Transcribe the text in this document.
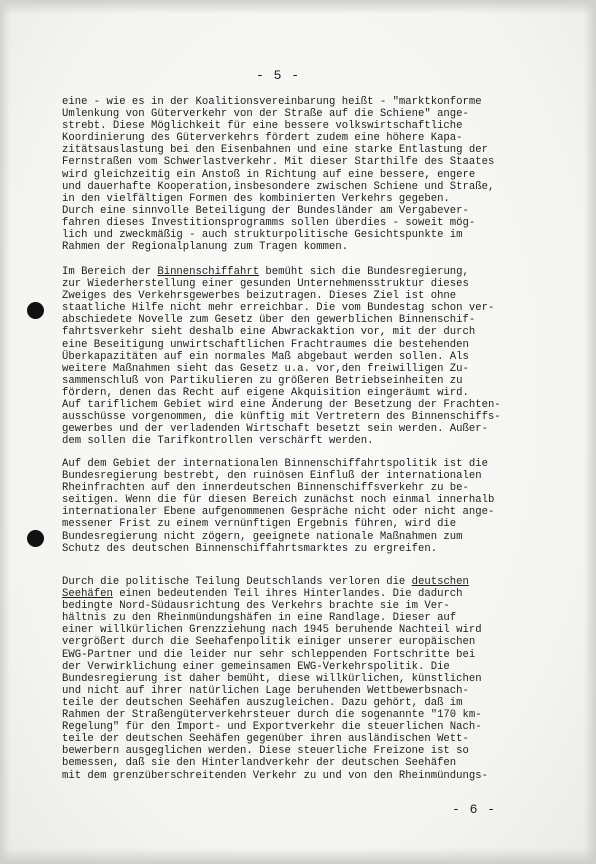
- 5 -
eine - wie es in der Koalitionsvereinbarung heißt - "marktkonforme
Umlenkung von Güterverkehr von der Straße auf die Schiene" ange-
strebt. Diese Möglichkeit für eine bessere volkswirtschaftliche
Koordinierung des Güterverkehrs fördert zudem eine höhere Kapa-
zitätsauslastung bei den Eisenbahnen und eine starke Entlastung der
Fernstraßen vom Schwerlastverkehr. Mit dieser Starthilfe des Staates
wird gleichzeitig ein Anstoß in Richtung auf eine bessere, engere
und dauerhafte Kooperation,insbesondere zwischen Schiene und Straße,
in den vielfältigen Formen des kombinierten Verkehrs gegeben.
Durch eine sinnvolle Beteiligung der Bundesländer am Vergabever-
fahren dieses Investitionsprogramms sollen überdies - soweit mög-
lich und zweckmäßig - auch strukturpolitische Gesichtspunkte im
Rahmen der Regionalplanung zum Tragen kommen.
Im Bereich der Binnenschiffahrt bemüht sich die Bundesregierung,
zur Wiederherstellung einer gesunden Unternehmensstruktur dieses
Zweiges des Verkehrsgewerbes beizutragen. Dieses Ziel ist ohne
staatliche Hilfe nicht mehr erreichbar. Die vom Bundestag schon ver-
abschiedete Novelle zum Gesetz über den gewerblichen Binnenschif-
fahrtsverkehr sieht deshalb eine Abwrackaktion vor, mit der durch
eine Beseitigung unwirtschaftlichen Frachtraumes die bestehenden
Überkapazitäten auf ein normales Maß abgebaut werden sollen. Als
weitere Maßnahmen sieht das Gesetz u.a. vor,den freiwilligen Zu-
sammenschluß von Partikulieren zu größeren Betriebseinheiten zu
fördern, denen das Recht auf eigene Akquisition eingeräumt wird.
Auf tariflichem Gebiet wird eine Änderung der Besetzung der Frachten-
ausschüsse vorgenommen, die künftig mit Vertretern des Binnenschiffs-
gewerbes und der verladenden Wirtschaft besetzt sein werden. Außer-
dem sollen die Tarifkontrollen verschärft werden.
Auf dem Gebiet der internationalen Binnenschiffahrtspolitik ist die
Bundesregierung bestrebt, den ruinösen Einfluß der internationalen
Rheinfrachten auf den innerdeutschen Binnenschiffsverkehr zu be-
seitigen. Wenn die für diesen Bereich zunächst noch einmal innerhalb
internationaler Ebene aufgenommenen Gespräche nicht oder nicht ange-
messener Frist zu einem vernünftigen Ergebnis führen, wird die
Bundesregierung nicht zögern, geeignete nationale Maßnahmen zum
Schutz des deutschen Binnenschiffahrtsmarktes zu ergreifen.
Durch die politische Teilung Deutschlands verloren die deutschen
Seehäfen einen bedeutenden Teil ihres Hinterlandes. Die dadurch
bedingte Nord-Südausrichtung des Verkehrs brachte sie im Ver-
hältnis zu den Rheinmündungshäfen in eine Randlage. Dieser auf
einer willkürlichen Grenzziehung nach 1945 beruhende Nachteil wird
vergrößert durch die Seehafenpolitik einiger unserer europäischen
EWG-Partner und die leider nur sehr schleppenden Fortschritte bei
der Verwirklichung einer gemeinsamen EWG-Verkehrspolitik. Die
Bundesregierung ist daher bemüht, diese willkürlichen, künstlichen
und nicht auf ihrer natürlichen Lage beruhenden Wettbewerbsnach-
teile der deutschen Seehäfen auszugleichen. Dazu gehört, daß im
Rahmen der Straßengüterverkehrsteuer durch die sogenannte "170 km-
Regelung" für den Import- und Exportverkehr die steuerlichen Nach-
teile der deutschen Seehäfen gegenüber ihren ausländischen Wett-
bewerbern ausgeglichen werden. Diese steuerliche Freizone ist so
bemessen, daß sie den Hinterlandverkehr der deutschen Seehäfen
mit dem grenzüberschreitenden Verkehr zu und von den Rheinmündungs-
- 6 -
